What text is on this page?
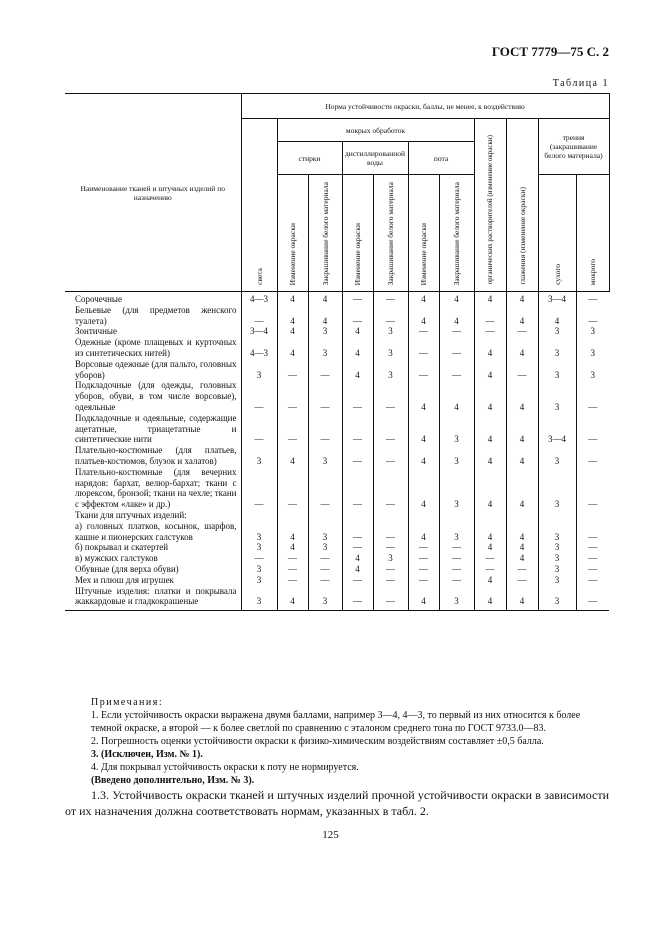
ГОСТ 7779—75 С. 2
Таблица 1
Наименование тканей и штучных изделий по назначению	Норма устойчивости окраски, баллы, не менее, к воздействию										
	света	мокрых обработок						органических растворителей (изменение окраски)	глажения (изменение окраски)	трения (закрашивание белого материала)	
		стирки		дистиллированной воды		пота					
		Изменение окраски	Закрашивание белого материала	Изменение окраски	Закрашивание белого материала	Изменение окраски	Закрашивание белого материала			сухого	мокрого
Сорочечные	4—3	4	4	—	—	4	4	4	4	3—4	—
Бельевые (для предметов женского туалета)	—	4	4	—	—	4	4	—	4	4	—
Зонтичные	3—4	4	3	4	3	—	—	—	—	3	3
Одежные (кроме плащевых и курточных из синтетических нитей)	4—3	4	3	4	3	—	—	4	4	3	3
Ворсовые одежные (для пальто, головных уборов)	3	—	—	4	3	—	—	4	—	3	3
Подкладочные (для одежды, головных уборов, обуви, в том числе ворсовые), одеяльные	—	—	—	—	—	4	4	4	4	3	—
Подкладочные и одеяльные, содержащие ацетатные, триацетатные и синтетические нити	—	—	—	—	—	4	3	4	4	3—4	—
Плательно-костюмные (для платьев, платьев-костюмов, блузок и халатов)	3	4	3	—	—	4	3	4	4	3	—
Плательно-костюмные (для вечерних нарядов: бархат, велюр-бархат; ткани с люрексом, бронзой; ткани на чехле; ткани с эффектом «лаке» и др.)	—	—	—	—	—	4	3	4	4	3	—
Ткани для штучных изделий:											
а) головных платков, косынок, шарфов, кашне и пионерских галстуков	3	4	3	—	—	4	3	4	4	3	—
б) покрывал и скатертей	3	4	3	—	—	—	—	4	4	3	—
в) мужских галстуков	—	—	—	4	3	—	—	—	4	3	—
Обувные (для верха обуви)	3	—	—	4	—	—	—	—	—	3	—
Мех и плюш для игрушек	3	—	—	—	—	—	—	4	—	3	—
Штучные изделия: платки и покрывала жаккардовые и гладкокрашеные	3	4	3	—	—	4	3	4	4	3	—

Примечания:

1. Если устойчивость окраски выражена двумя баллами, например 3—4, 4—3, то первый из них относится к более темной окраске, а второй — к более светлой по сравнению с эталоном среднего тона по ГОСТ 9733.0—83.

2. Погрешность оценки устойчивости окраски к физико-химическим воздействиям составляет ±0,5 балла.

3. (Исключен, Изм. № 1).

4. Для покрывал устойчивость окраски к поту не нормируется.

(Введено дополнительно, Изм. № 3).

1.3. Устойчивость окраски тканей и штучных изделий прочной устойчивости окраски в зависимости от их назначения должна соответствовать нормам, указанных в табл. 2.
125
